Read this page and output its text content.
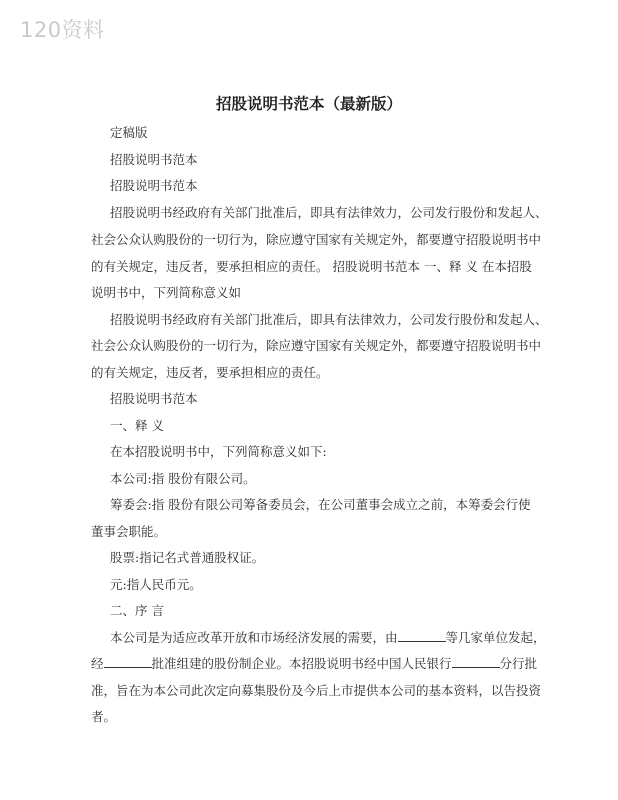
120资料
招股说明书范本（最新版）
定稿版
招股说明书范本
招股说明书范本
招股说明书经政府有关部门批准后，即具有法律效力，公司发行股份和发起人、
社会公众认购股份的一切行为，除应遵守国家有关规定外，都要遵守招股说明书中
的有关规定，违反者，要承担相应的责任。 招股说明书范本 一、释 义 在本招股
说明书中，下列简称意义如
招股说明书经政府有关部门批准后，即具有法律效力，公司发行股份和发起人、
社会公众认购股份的一切行为，除应遵守国家有关规定外，都要遵守招股说明书中
的有关规定，违反者，要承担相应的责任。
招股说明书范本
一、释 义
在本招股说明书中，下列简称意义如下:
本公司:指 股份有限公司。
筹委会:指 股份有限公司筹备委员会，在公司董事会成立之前，本筹委会行使
董事会职能。
股票:指记名式普通股权证。
元:指人民币元。
二、序 言
本公司是为适应改革开放和市场经济发展的需要，由	等几家单位发起，
经	批准组建的股份制企业。本招股说明书经中国人民银行	分行批
准，旨在为本公司此次定向募集股份及今后上市提供本公司的基本资料，以告投资
者。
